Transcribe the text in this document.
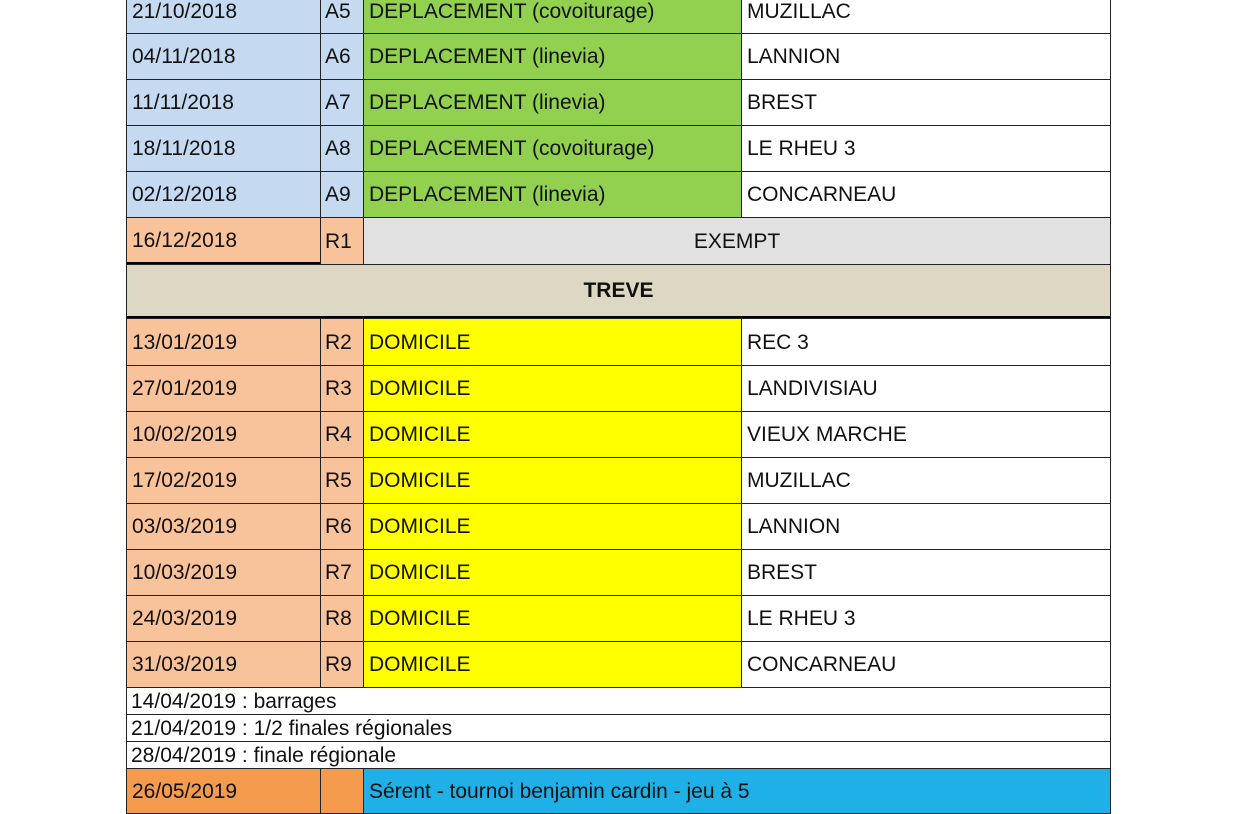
21/10/2018	A5 DEPLACEMENT (covoiturage)	MUZILLAC
04/11/2018	A6 DEPLACEMENT (linevia)	LANNION
11/11/2018	A7 DEPLACEMENT (linevia)	BREST
18/11/2018	A8 DEPLACEMENT (covoiturage)	LE RHEU 3
02/12/2018	A9 DEPLACEMENT (linevia)	CONCARNEAU
16/12/2018	R1	EXEMPT
TREVE
13/01/2019	R2 DOMICILE	REC 3
27/01/2019	R3 DOMICILE	LANDIVISIAU
10/02/2019	R4 DOMICILE	VIEUX MARCHE
17/02/2019	R5 DOMICILE	MUZILLAC
03/03/2019	R6 DOMICILE	LANNION
10/03/2019	R7 DOMICILE	BREST
24/03/2019	R8 DOMICILE	LE RHEU 3
31/03/2019	R9 DOMICILE	CONCARNEAU
14/04/2019 : barrages
21/04/2019 : 1/2 finales régionales
28/04/2019 : finale régionale
26/05/2019	Sérent - tournoi benjamin cardin - jeu à 5
